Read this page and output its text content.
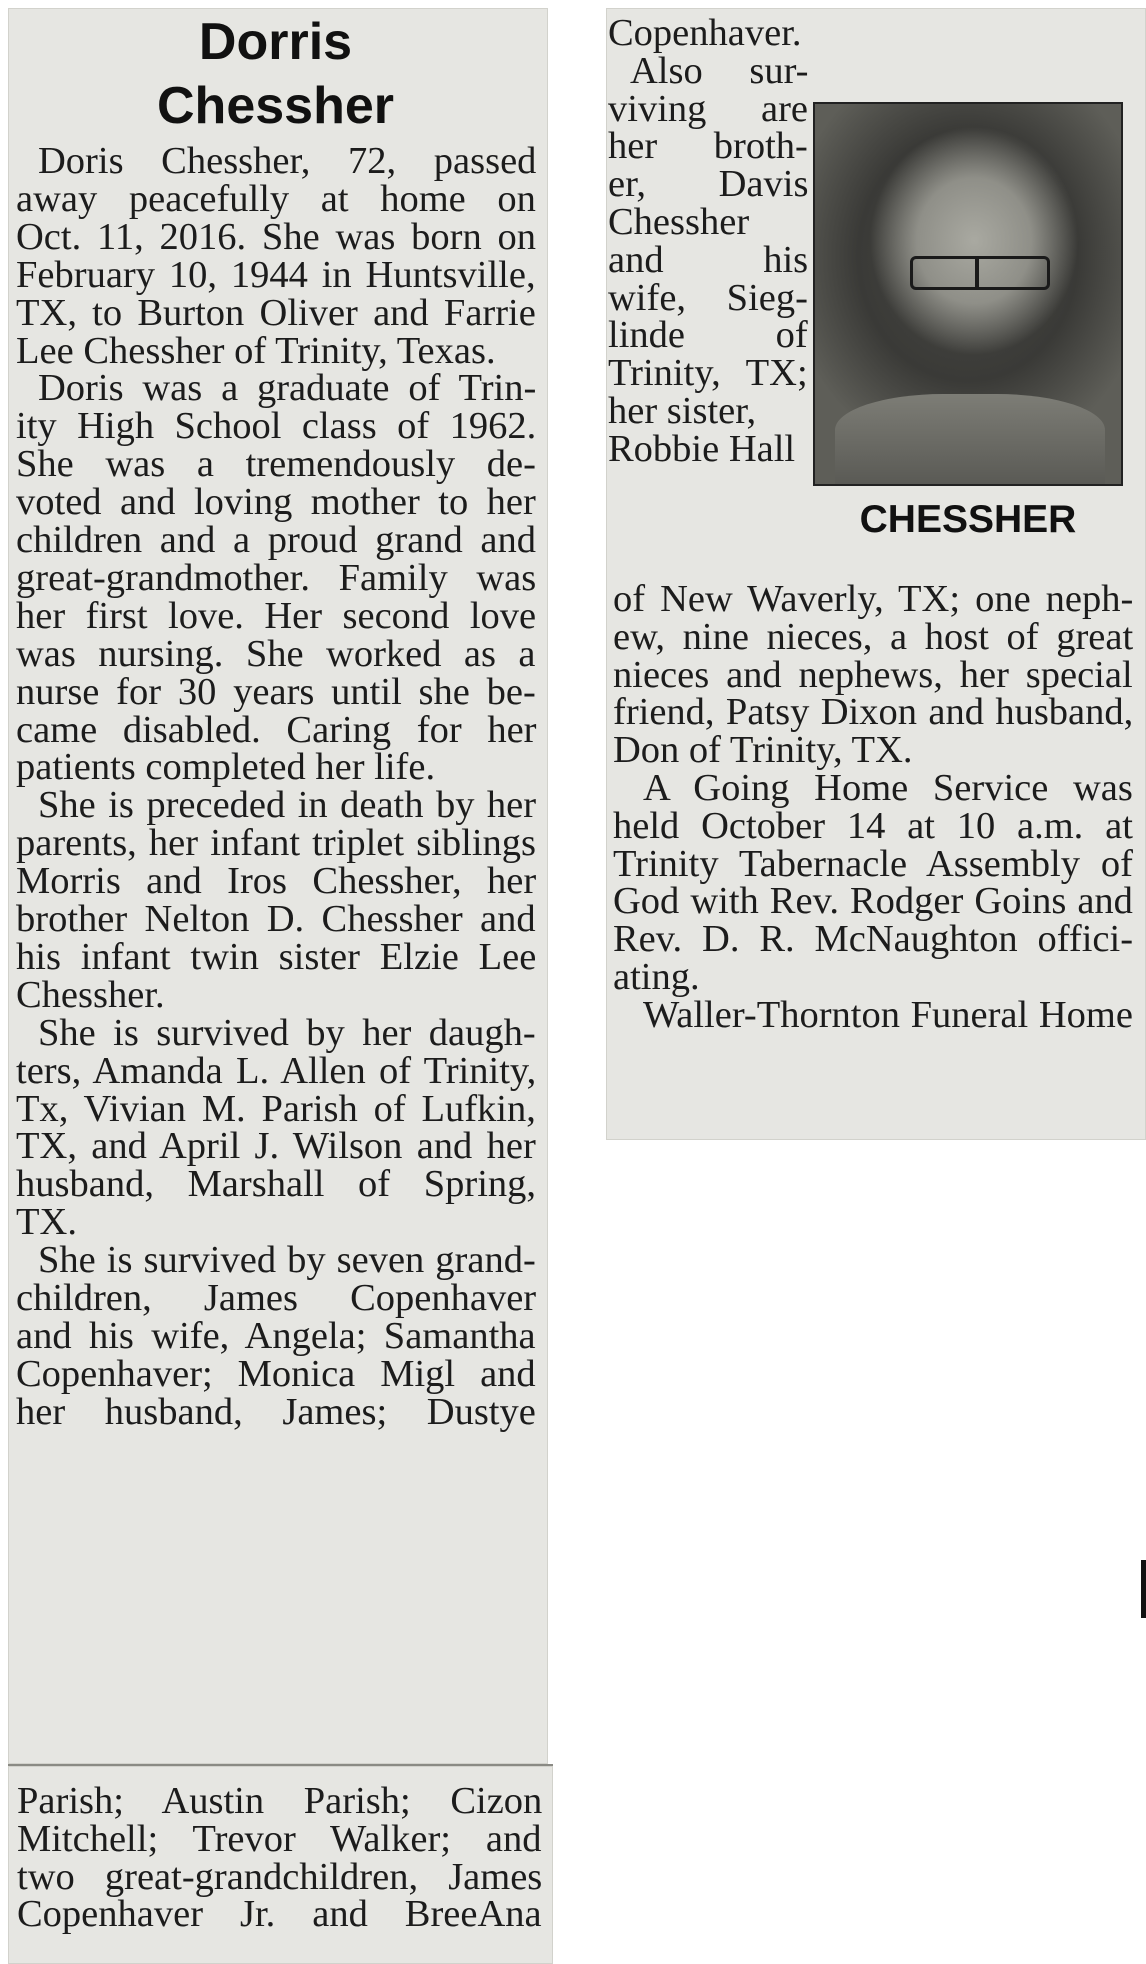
Dorris
Chessher
Doris Chessher, 72, passed
away peacefully at home on
Oct. 11, 2016. She was born on
February 10, 1944 in Huntsville,
TX, to Burton Oliver and Farrie
Lee Chessher of Trinity, Texas.
Doris was a graduate of Trin-
ity High School class of 1962.
She was a tremendously de-
voted and loving mother to her
children and a proud grand and
great-grandmother. Family was
her first love. Her second love
was nursing. She worked as a
nurse for 30 years until she be-
came disabled. Caring for her
patients completed her life.
She is preceded in death by her
parents, her infant triplet siblings
Morris and Iros Chessher, her
brother Nelton D. Chessher and
his infant twin sister Elzie Lee
Chessher.
She is survived by her daugh-
ters, Amanda L. Allen of Trinity,
Tx, Vivian M. Parish of Lufkin,
TX, and April J. Wilson and her
husband, Marshall of Spring,
TX.
She is survived by seven grand-
children, James Copenhaver
and his wife, Angela; Samantha
Copenhaver; Monica Migl and
her husband, James; Dustye
Parish; Austin Parish; Cizon
Mitchell; Trevor Walker; and
two great-grandchildren, James
Copenhaver Jr. and BreeAna
Copenhaver.
Also sur-
viving are
her broth-
er, Davis
Chessher
and his
wife, Sieg-
linde of
Trinity, TX;
her sister,
Robbie Hall
of New Waverly, TX; one neph-
ew, nine nieces, a host of great
nieces and nephews, her special
friend, Patsy Dixon and husband,
Don of Trinity, TX.
A Going Home Service was
held October 14 at 10 a.m. at
Trinity Tabernacle Assembly of
God with Rev. Rodger Goins and
Rev. D. R. McNaughton offici-
ating.
Waller-Thornton Funeral Home
CHESSHER
